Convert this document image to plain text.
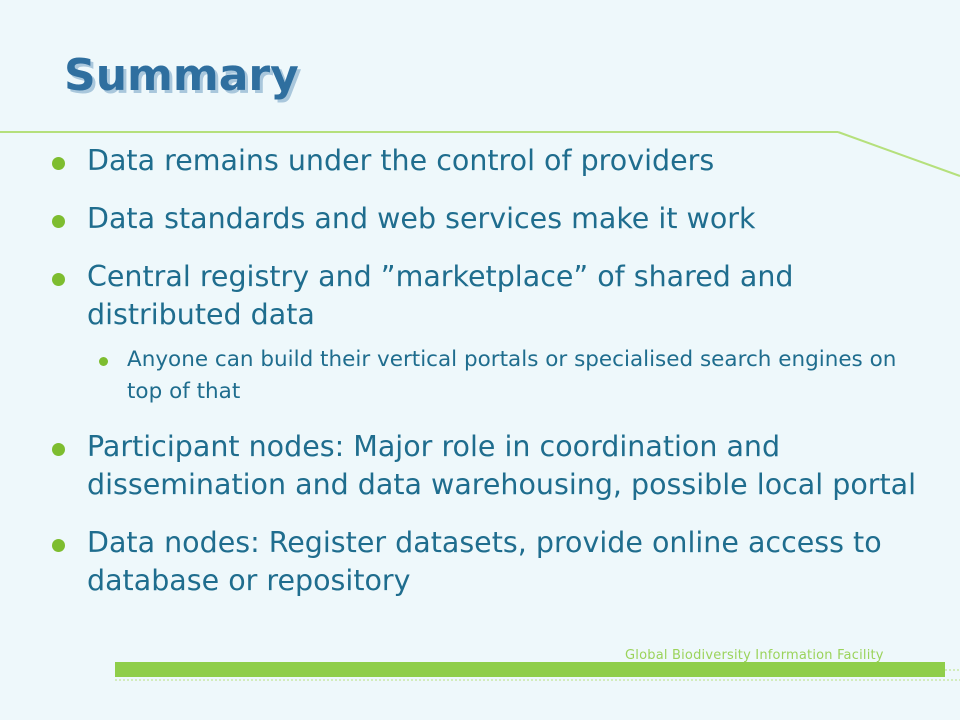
Summary
Data remains under the control of providers
Data standards and web services make it work
Central registry and ”marketplace” of shared and distributed data
Anyone can build their vertical portals or specialised search engines on top of that
Participant nodes: Major role in coordination and dissemination and data warehousing, possible local portal
Data nodes: Register datasets, provide online access to database or repository
Global Biodiversity Information Facility
